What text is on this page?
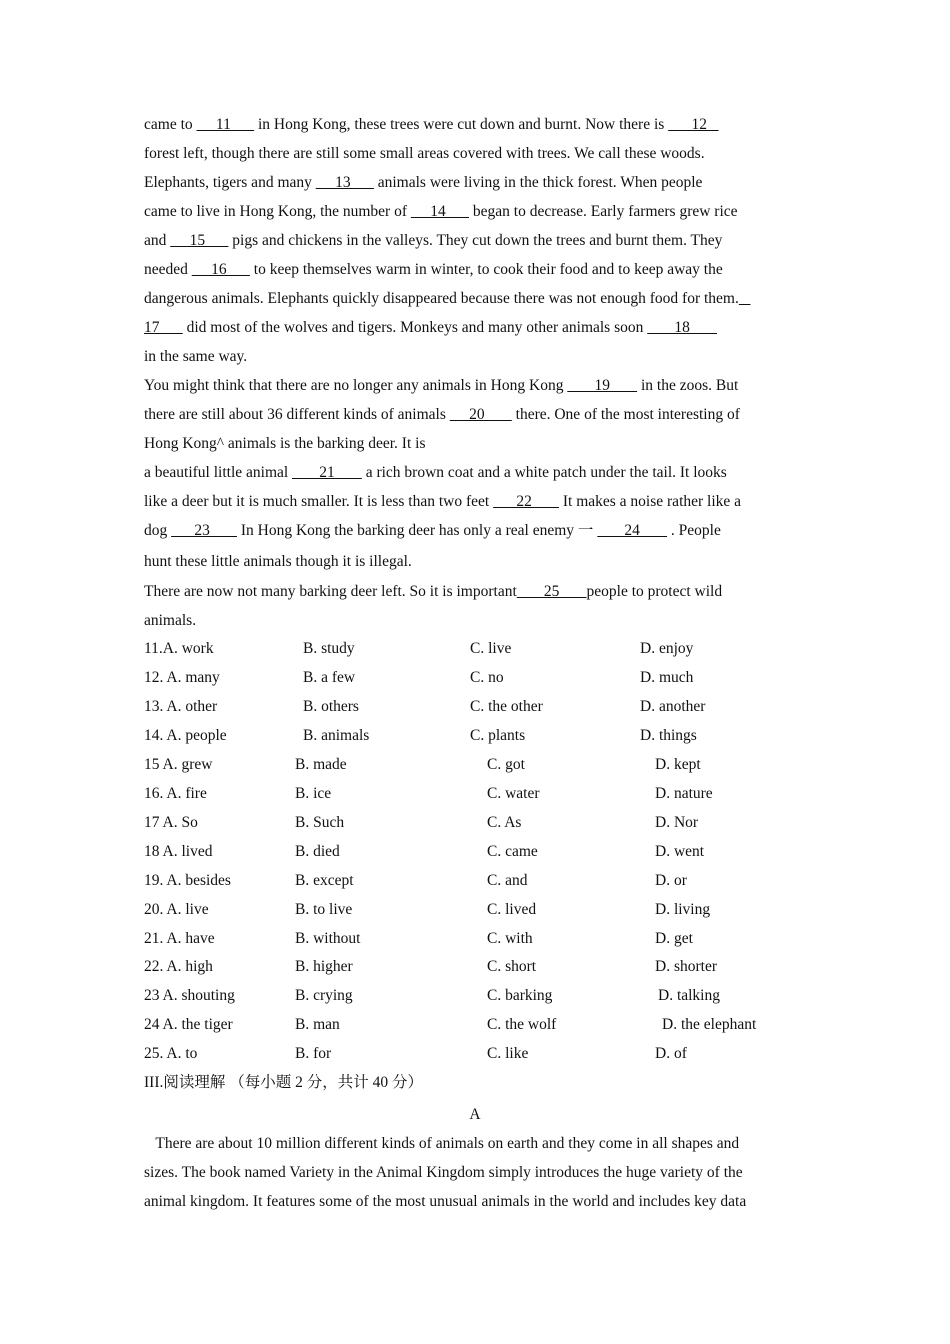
came to      11       in Hong Kong, these trees were cut down and burnt. Now there is       12
forest left, though there are still some small areas covered with trees. We call these woods.
Elephants, tigers and many      13       animals were living in the thick forest. When people
came to live in Hong Kong, the number of      14       began to decrease. Early farmers grew rice
and      15       pigs and chickens in the valleys. They cut down the trees and burnt them. They
needed      16       to keep themselves warm in winter, to cook their food and to keep away the
dangerous animals. Elephants quickly disappeared because there was not enough food for them.
17       did most of the wolves and tigers. Monkeys and many other animals soon        18
in the same way.
You might think that there are no longer any animals in Hong Kong        19        in the zoos. But
there are still about 36 different kinds of animals      20        there. One of the most interesting of
Hong Kong^ animals is the barking deer. It is
a beautiful little animal        21        a rich brown coat and a white patch under the tail. It looks
like a deer but it is much smaller. It is less than two feet       22        It makes a noise rather like a
dog       23        In Hong Kong the barking deer has only a real enemy 一        24        . People
hunt these little animals though it is illegal.
There are now not many barking deer left. So it is important       25       people to protect wild
animals.
11.A. work	B. study	C. live	D. enjoy
12. A. many	B. a few	C. no	D. much
13. A. other	B. others	C. the other	D. another
14. A. people	B. animals	C. plants	D. things
15 A. grew	B. made	C. got	D. kept
16. A. fire	B. ice	C. water	D. nature
17 A. So	B. Such	C. As	D. Nor
18 A. lived	B. died	C. came	D. went
19. A. besides	B. except	C. and	D. or
20. A. live	B. to live	C. lived	D. living
21. A. have	B. without	C. with	D. get
22. A. high	B. higher	C. short	D. shorter
23 A. shouting	B. crying	C. barking	D. talking
24 A. the tiger	B. man	C. the wolf	D. the elephant
25. A. to	B. for	C. like	D. of
III.阅读理解 （每小题 2 分，共计 40 分）
A
There are about 10 million different kinds of animals on earth and they come in all shapes and
sizes. The book named Variety in the Animal Kingdom simply introduces the huge variety of the
animal kingdom. It features some of the most unusual animals in the world and includes key data
